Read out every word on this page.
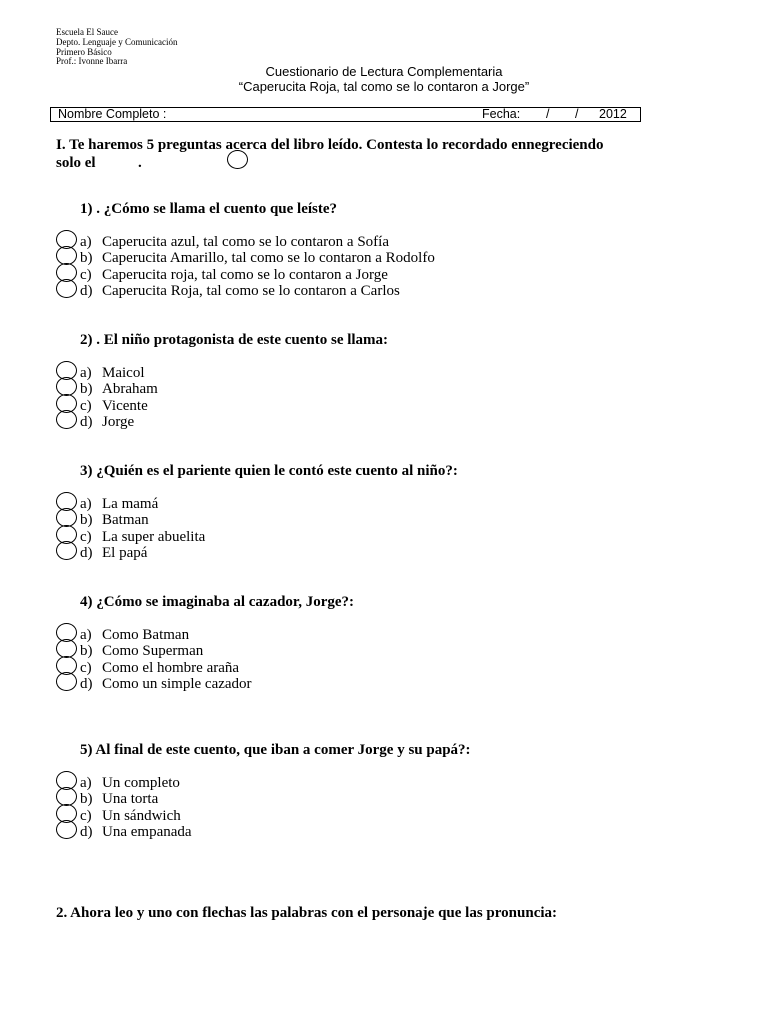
Escuela El Sauce
Depto. Lenguaje y Comunicación
Primero Básico
Prof.: Ivonne Ibarra
Cuestionario de Lectura Complementaria
“Caperucita Roja, tal como se lo contaron a Jorge”
Nombre Completo :	Fecha: / / 2012
I. Te haremos 5 preguntas acerca del libro leído. Contesta lo recordado ennegreciendo
solo el	.
1) . ¿Cómo se llama el cuento que leíste?
a) Caperucita azul, tal como se lo contaron a Sofía
b) Caperucita Amarillo, tal como se lo contaron a Rodolfo
c) Caperucita roja, tal como se lo contaron a Jorge
d) Caperucita Roja, tal como se lo contaron a Carlos
2) . El niño protagonista de este cuento se llama:
a) Maicol
b) Abraham
c) Vicente
d) Jorge
3) ¿Quién es el pariente quien le contó este cuento al niño?:
a) La mamá
b) Batman
c) La super abuelita
d) El papá
4) ¿Cómo se imaginaba al cazador, Jorge?:
a) Como Batman
b) Como Superman
c) Como el hombre araña
d) Como un simple cazador
5) Al final de este cuento, que iban a comer Jorge y su papá?:
a) Un completo
b) Una torta
c) Un sándwich
d) Una empanada
2. Ahora leo y uno con flechas las palabras con el personaje que las pronuncia:
